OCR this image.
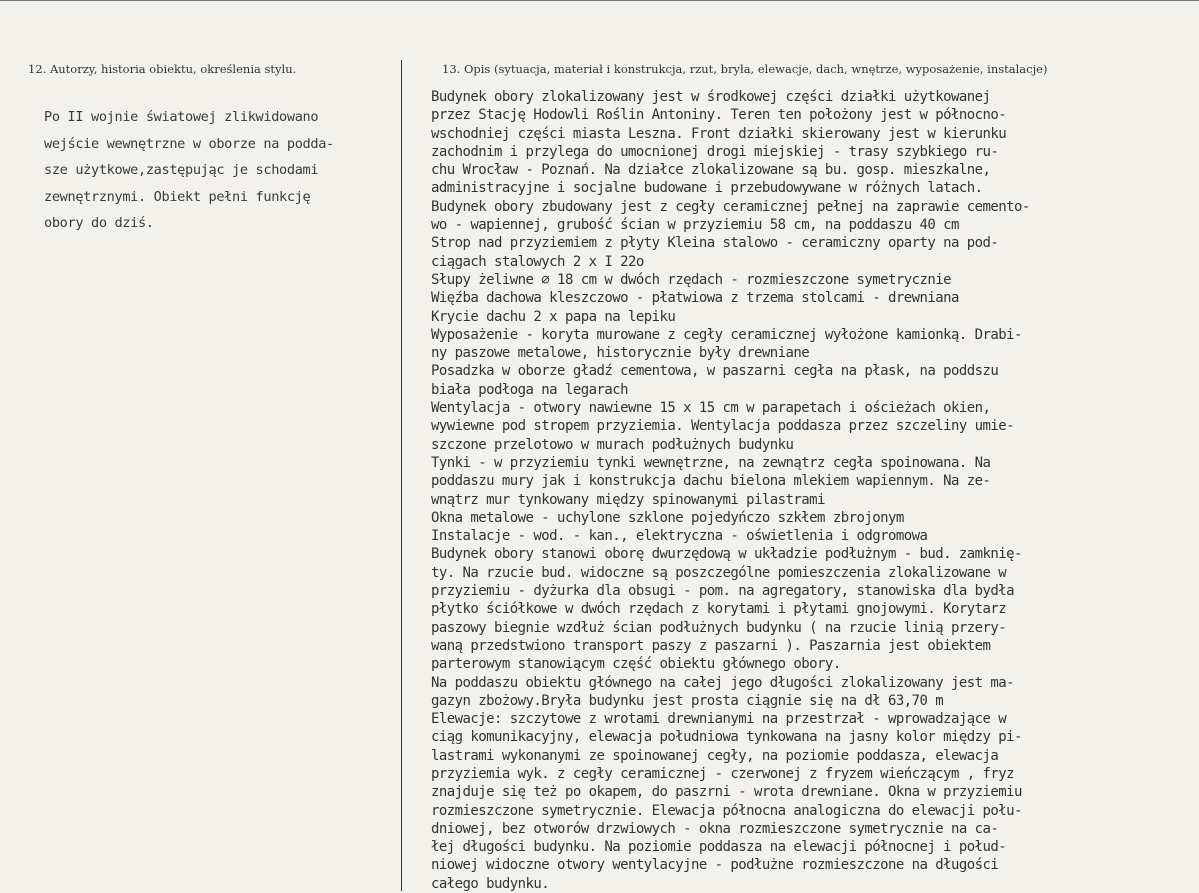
12. Autorzy, historia obiektu, określenia stylu.	13. Opis (sytuacja, materiał i konstrukcja, rzut, bryła, elewacje, dach, wnętrze, wyposażenie, instalacje)
Po II wojnie światowej zlikwidowano
wejście wewnętrzne w oborze na podda-
sze użytkowe,zastępując je schodami
zewnętrznymi. Obiekt pełni funkcję
obory do dziś.
Budynek obory zlokalizowany jest w środkowej części działki użytkowanej
przez Stację Hodowli Roślin Antoniny. Teren ten położony jest w północno-
wschodniej części miasta Leszna. Front działki skierowany jest w kierunku
zachodnim i przylega do umocnionej drogi miejskiej - trasy szybkiego ru-
chu Wrocław - Poznań. Na działce zlokalizowane są bu. gosp. mieszkalne,
administracyjne i socjalne budowane i przebudowywane w różnych latach.
Budynek obory zbudowany jest z cegły ceramicznej pełnej na zaprawie cemento-
wo - wapiennej, grubość ścian w przyziemiu 58 cm, na poddaszu 40 cm
Strop nad przyziemiem z płyty Kleina stalowo - ceramiczny oparty na pod-
ciągach stalowych 2 x I 22o
Słupy żeliwne ∅ 18 cm w dwóch rzędach - rozmieszczone symetrycznie
Więźba dachowa kleszczowo - płatwiowa z trzema stolcami - drewniana
Krycie dachu 2 x papa na lepiku
Wyposażenie - koryta murowane z cegły ceramicznej wyłożone kamionką. Drabi-
ny paszowe metalowe, historycznie były drewniane
Posadzka w oborze gładź cementowa, w paszarni cegła na płask, na poddszu
biała podłoga na legarach
Wentylacja - otwory nawiewne 15 x 15 cm w parapetach i ościeżach okien,
wywiewne pod stropem przyziemia. Wentylacja poddasza przez szczeliny umie-
szczone przelotowo w murach podłużnych budynku
Tynki - w przyziemiu tynki wewnętrzne, na zewnątrz cegła spoinowana. Na
poddaszu mury jak i konstrukcja dachu bielona mlekiem wapiennym. Na ze-
wnątrz mur tynkowany między spinowanymi pilastrami
Okna metalowe - uchylone szklone pojedyńczo szkłem zbrojonym
Instalacje - wod. - kan., elektryczna - oświetlenia i odgromowa
Budynek obory stanowi oborę dwurzędową w układzie podłużnym - bud. zamknię-
ty. Na rzucie bud. widoczne są poszczególne pomieszczenia zlokalizowane w
przyziemiu - dyżurka dla obsugi - pom. na agregatory, stanowiska dla bydła
płytko ściółkowe w dwóch rzędach z korytami i płytami gnojowymi. Korytarz
paszowy biegnie wzdłuż ścian podłużnych budynku ( na rzucie linią przery-
waną przedstwiono transport paszy z paszarni ). Paszarnia jest obiektem
parterowym stanowiącym część obiektu głównego obory.
Na poddaszu obiektu głównego na całej jego długości zlokalizowany jest ma-
gazyn zbożowy.Bryła budynku jest prosta ciągnie się na dł 63,70 m
Elewacje: szczytowe z wrotami drewnianymi na przestrzał - wprowadzające w
ciąg komunikacyjny, elewacja południowa tynkowana na jasny kolor między pi-
lastrami wykonanymi ze spoinowanej cegły, na poziomie poddasza, elewacja
przyziemia wyk. z cegły ceramicznej - czerwonej z fryzem wieńczącym , fryz
znajduje się też po okapem, do paszrni - wrota drewniane. Okna w przyziemiu
rozmieszczone symetrycznie. Elewacja północna analogiczna do elewacji połu-
dniowej, bez otworów drzwiowych - okna rozmieszczone symetrycznie na ca-
łej długości budynku. Na poziomie poddasza na elewacji północnej i połud-
niowej widoczne otwory wentylacyjne - podłużne rozmieszczone na długości
całego budynku.
